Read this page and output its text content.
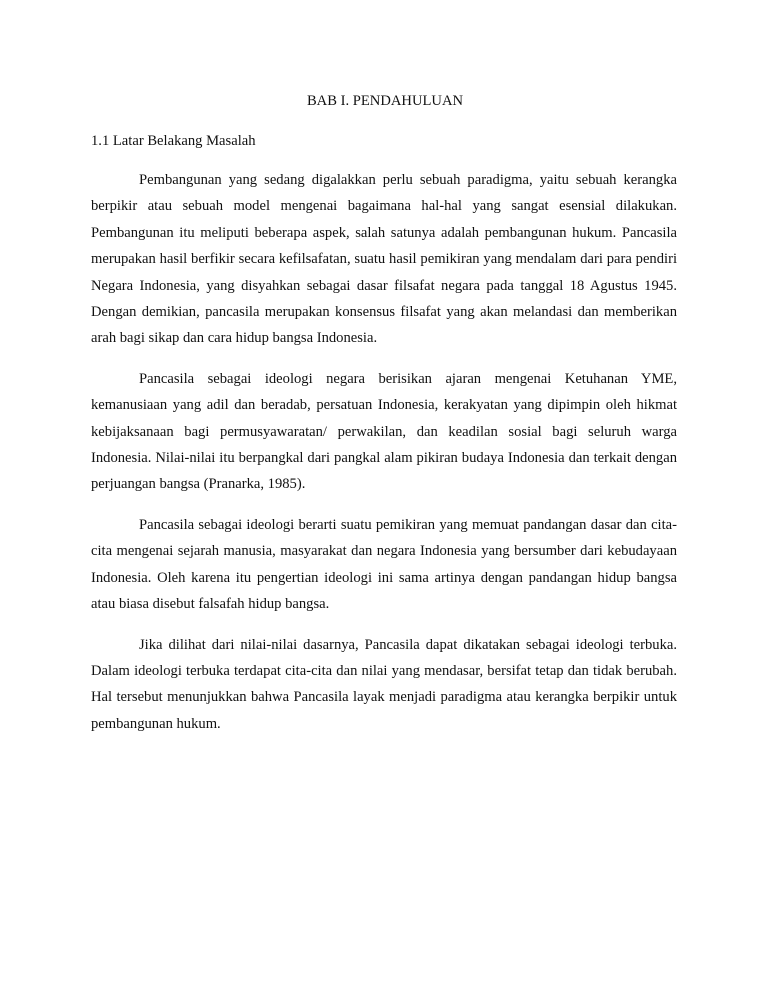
BAB I. PENDAHULUAN
1.1 Latar Belakang Masalah

Pembangunan yang sedang digalakkan perlu sebuah paradigma, yaitu sebuah kerangka berpikir atau sebuah model mengenai bagaimana hal-hal yang sangat esensial dilakukan. Pembangunan itu meliputi beberapa aspek, salah satunya adalah pembangunan hukum. Pancasila merupakan hasil berfikir secara kefilsafatan, suatu hasil pemikiran yang mendalam dari para pendiri Negara Indonesia, yang disyahkan sebagai dasar filsafat negara pada tanggal 18 Agustus 1945. Dengan demikian, pancasila merupakan konsensus filsafat yang akan melandasi dan memberikan arah bagi sikap dan cara hidup bangsa Indonesia.

Pancasila sebagai ideologi negara berisikan ajaran mengenai Ketuhanan YME, kemanusiaan yang adil dan beradab, persatuan Indonesia, kerakyatan yang dipimpin oleh hikmat kebijaksanaan bagi permusyawaratan/ perwakilan, dan keadilan sosial bagi seluruh warga Indonesia. Nilai-nilai itu berpangkal dari pangkal alam pikiran budaya Indonesia dan terkait dengan perjuangan bangsa (Pranarka, 1985).

Pancasila sebagai ideologi berarti suatu pemikiran yang memuat pandangan dasar dan cita-cita mengenai sejarah manusia, masyarakat dan negara Indonesia yang bersumber dari kebudayaan Indonesia. Oleh karena itu pengertian ideologi ini sama artinya dengan pandangan hidup bangsa atau biasa disebut falsafah hidup bangsa.

Jika dilihat dari nilai-nilai dasarnya, Pancasila dapat dikatakan sebagai ideologi terbuka. Dalam ideologi terbuka terdapat cita-cita dan nilai yang mendasar, bersifat tetap dan tidak berubah. Hal tersebut menunjukkan bahwa Pancasila layak menjadi paradigma atau kerangka berpikir untuk pembangunan hukum.
